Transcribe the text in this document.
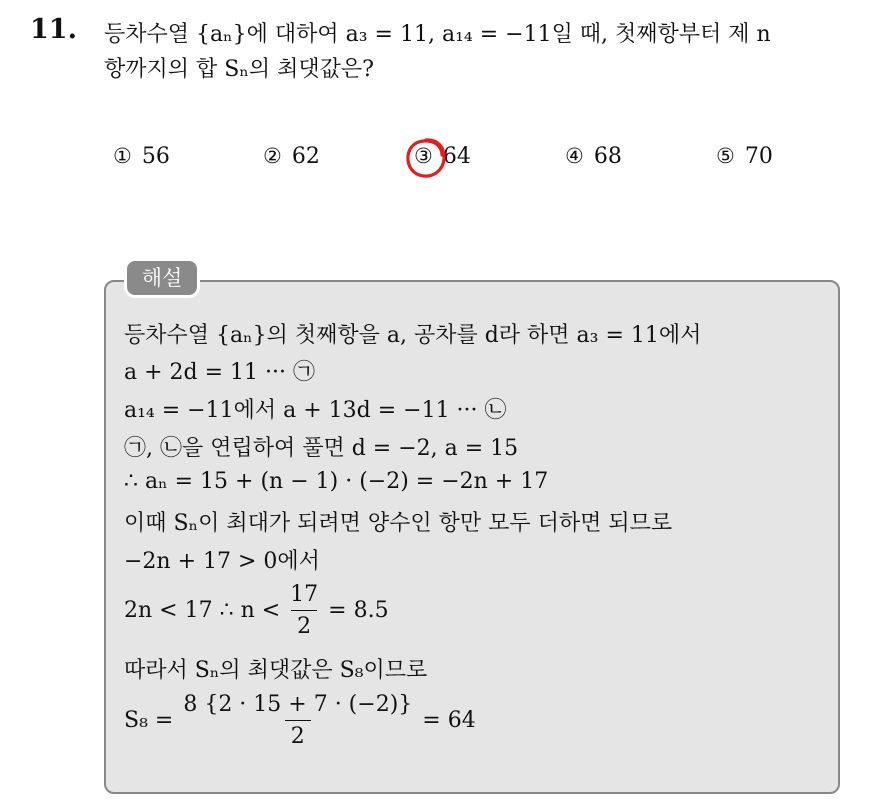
11. 등차수열 {aₙ}에 대하여 a₃ = 11, a₁₄ = −11일 때, 첫째항부터 제 n
항까지의 합 Sₙ의 최댓값은?
① 56	② 62	③ 64	④ 68	⑤ 70
해설
등차수열 {aₙ}의 첫째항을 a, 공차를 d라 하면 a₃ = 11에서
a + 2d = 11 ··· ㉠
a₁₄ = −11에서 a + 13d = −11 ··· ㉡
㉠, ㉡을 연립하여 풀면 d = −2, a = 15
∴ aₙ = 15 + (n − 1) · (−2) = −2n + 17
이때 Sₙ이 최대가 되려면 양수인 항만 모두 더하면 되므로
−2n + 17 > 0에서
2n < 17 ∴ $n < \frac{17}{2} = 8.5$
따라서 Sₙ의 최댓값은 S₈이므로
$S_8 = \frac{8 \{2 \cdot 15 + 7 \cdot (-2)\}}{2} = 64$
